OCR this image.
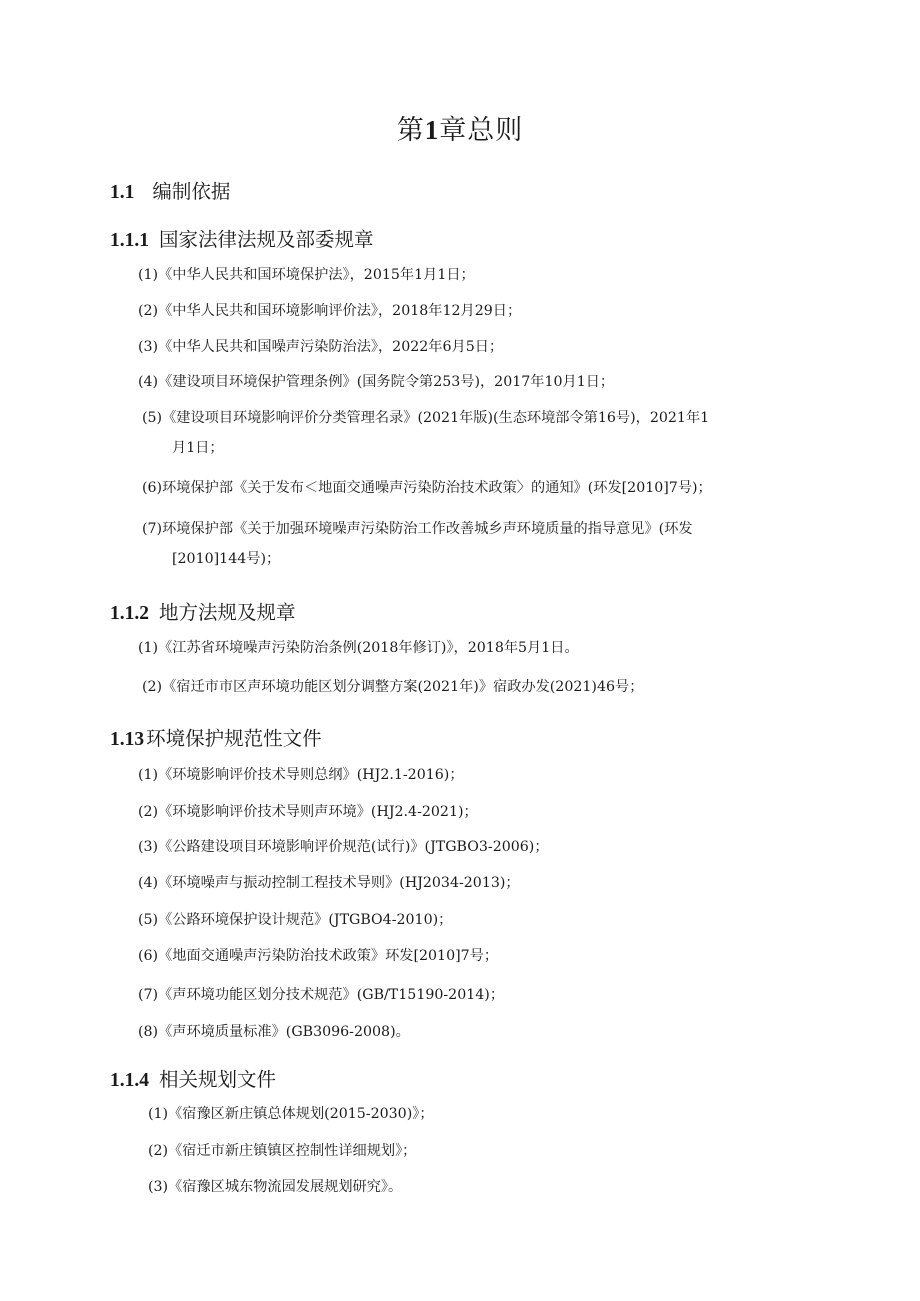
第1章总则
1.1 编制依据
1.1.1 国家法律法规及部委规章

(1)《中华人民共和国环境保护法》，2015年1月1日；

(2)《中华人民共和国环境影响评价法》，2018年12月29日；

(3)《中华人民共和国噪声污染防治法》，2022年6月5日；

(4)《建设项目环境保护管理条例》(国务院令第253号)，2017年10月1日；

(5)《建设项目环境影响评价分类管理名录》(2021年版)(生态环境部令第16号)，2021年1
月1日；

(6)环境保护部《关于发布＜地面交通噪声污染防治技术政策〉的通知》(环发[2010]7号)；

(7)环境保护部《关于加强环境噪声污染防治工作改善城乡声环境质量的指导意见》(环发
[2010]144号)；

1.1.2 地方法规及规章

(1)《江苏省环境噪声污染防治条例(2018年修订)》，2018年5月1日。

(2)《宿迁市市区声环境功能区划分调整方案(2021年)》宿政办发(2021)46号；

1.13 环境保护规范性文件

(1)《环境影响评价技术导则总纲》(HJ2.1-2016)；

(2)《环境影响评价技术导则声环境》(HJ2.4-2021)；

(3)《公路建设项目环境影响评价规范(试行)》(JTGBO3-2006)；

(4)《环境噪声与振动控制工程技术导则》(HJ2034-2013)；

(5)《公路环境保护设计规范》(JTGBO4-2010)；

(6)《地面交通噪声污染防治技术政策》环发[2010]7号；

(7)《声环境功能区划分技术规范》(GB/T15190-2014)；

(8)《声环境质量标准》(GB3096-2008)。

1.1.4 相关规划文件

(1)《宿豫区新庄镇总体规划(2015-2030)》；

(2)《宿迁市新庄镇镇区控制性详细规划》；

(3)《宿豫区城东物流园发展规划研究》。
